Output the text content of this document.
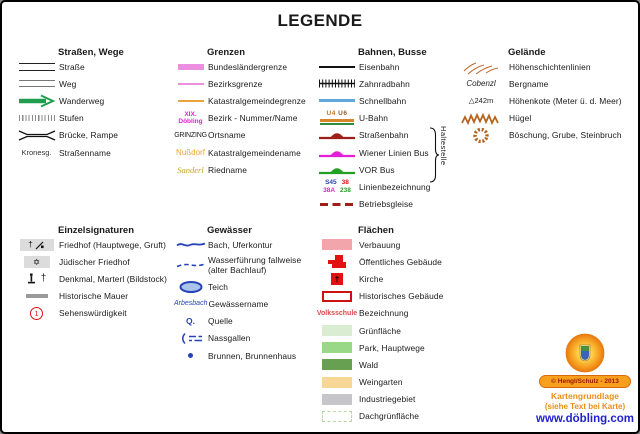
LEGENDE
Straßen, Wege
Straße
Weg
Wanderweg
Stufen
Brücke, Rampe
Kronesg. Straßenname
Grenzen
Bundesländergrenze
Bezirksgrenze
Katastralgemeindegrenze
XIX.
Döbling Bezirk - Nummer/Name
GRINZING Ortsname
Nußdorf Katastralgemeindename
Sanderl Riedname
Bahnen, Busse
Eisenbahn
Zahnradbahn
Schnellbahn
U4 U6 U-Bahn
Straßenbahn
Wiener Linien Bus
VOR Bus
S45 38
38A 238 Linienbezeichnung
Betriebsgleise
Haltestelle
Gelände
Höhenschichtenlinien
Cobenzl Bergname
△242m Höhenkote (Meter ü. d. Meer)
Hügel
Böschung, Grube, Steinbruch
Einzelsignaturen
†	Friedhof (Hauptwege, Gruft)
✡ Jüdischer Friedhof
† Denkmal, Marterl (Bildstock)
Historische Mauer
1	Sehenswürdigkeit
Gewässer
Bach, Uferkontur
Wasserführung fallweise
(alter Bachlauf)
Teich
Arbesbach Gewässername
Q. Quelle
Nassgallen
Brunnen, Brunnenhaus
Flächen
Verbauung
Öffentliches Gebäude
† Kirche
Historisches Gebäude
Volksschule Bezeichnung
Grünfläche
Park, Hauptwege
Wald
Weingarten
Industriegebiet
Dachgrünfläche
© Hengl/Schulz - 2013
Kartengrundlage
(siehe Text bei Karte)
www.döbling.com
